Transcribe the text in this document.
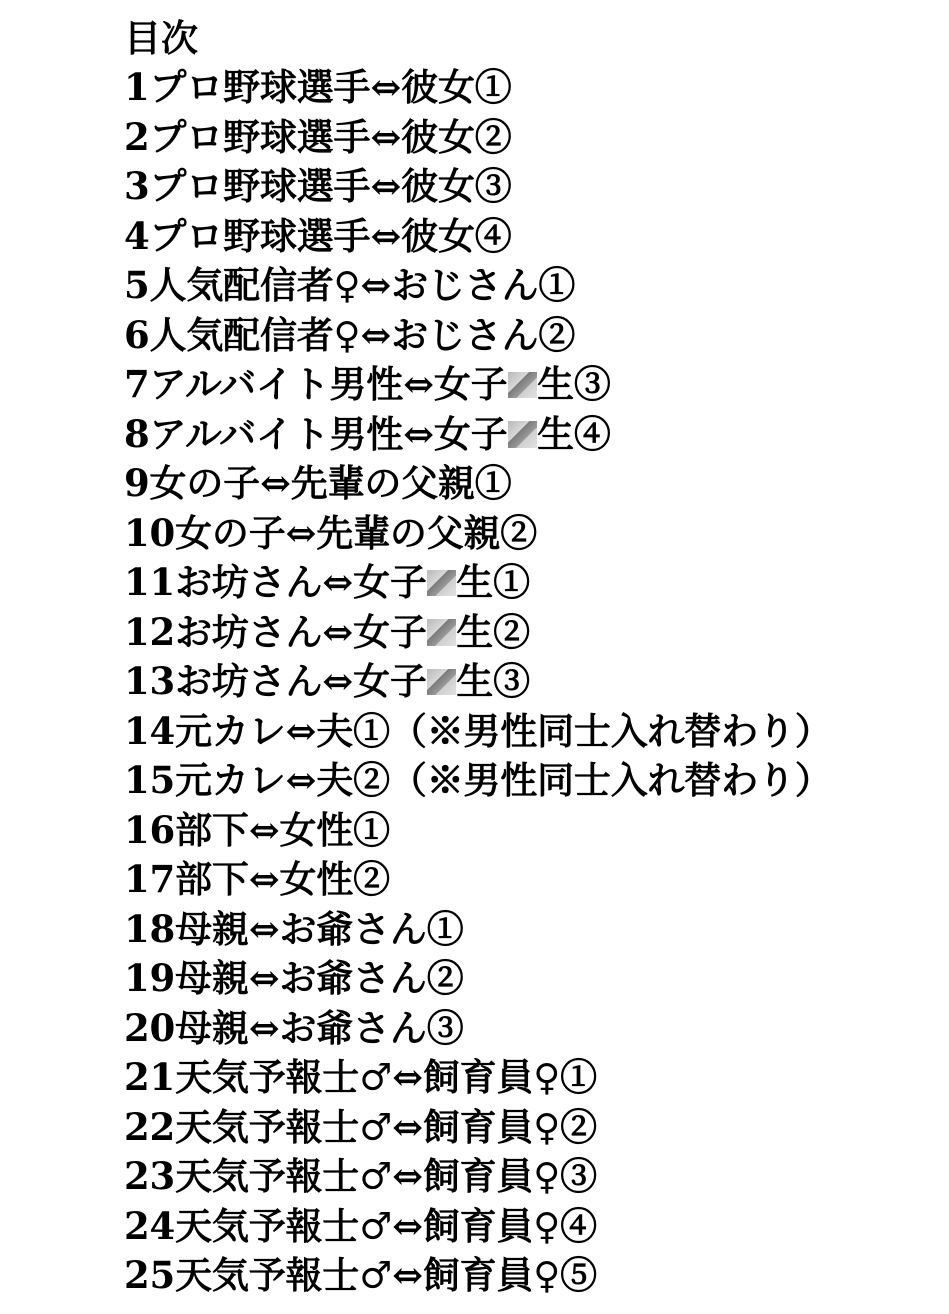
目次
1プロ野球選手⇔彼女①
2プロ野球選手⇔彼女②
3プロ野球選手⇔彼女③
4プロ野球選手⇔彼女④
5人気配信者♀⇔おじさん①
6人気配信者♀⇔おじさん②
7アルバイト男性⇔女子 生③
8アルバイト男性⇔女子 生④
9女の子⇔先輩の父親①
10女の子⇔先輩の父親②
11お坊さん⇔女子 生①
12お坊さん⇔女子 生②
13お坊さん⇔女子 生③
14元カレ⇔夫①（※男性同士入れ替わり）
15元カレ⇔夫②（※男性同士入れ替わり）
16部下⇔女性①
17部下⇔女性②
18母親⇔お爺さん①
19母親⇔お爺さん②
20母親⇔お爺さん③
21天気予報士♂⇔飼育員♀①
22天気予報士♂⇔飼育員♀②
23天気予報士♂⇔飼育員♀③
24天気予報士♂⇔飼育員♀④
25天気予報士♂⇔飼育員♀⑤
